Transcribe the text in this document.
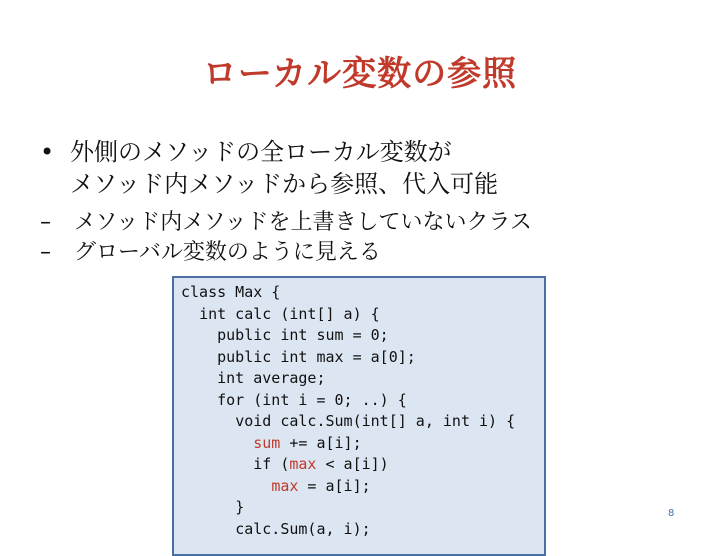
ローカル変数の参照
• 外側のメソッドの全ローカル変数が
メソッド内メソッドから参照、代入可能
– メソッド内メソッドを上書きしていないクラス
– グローバル変数のように見える
class Max {
int calc (int[] a) {
public int sum = 0;
public int max = a[0];
int average;
for (int i = 0; ..) {
void calc.Sum(int[] a, int i) {
sum += a[i];
if (max < a[i])
max = a[i];
}
calc.Sum(a, i);
8
